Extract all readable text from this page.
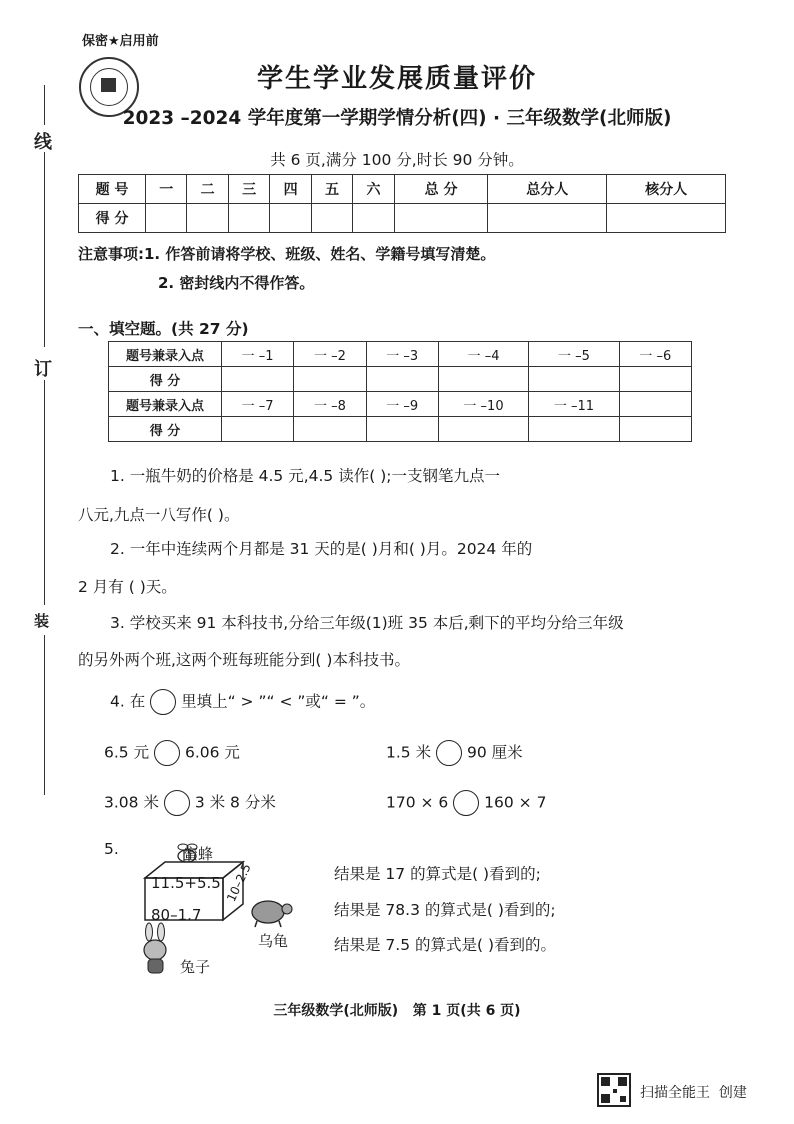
线
订
装
保密★启用前
学生学业发展质量评价
2023 –2024 学年度第一学期学情分析(四) · 三年级数学(北师版)
共 6 页,满分 100 分,时长 90 分钟。
题 号	一	二	三	四	五	六	总 分	总分人	核分人
得 分									
注意事项:1. 作答前请将学校、班级、姓名、学籍号填写清楚。
2. 密封线内不得作答。
一、填空题。(共 27 分)
题号兼录入点	一 –1	一 –2	一 –3	一 –4	一 –5	一 –6
得 分						
题号兼录入点	一 –7	一 –8	一 –9	一 –10	一 –11	
得 分						
1. 一瓶牛奶的价格是 4.5 元,4.5 读作( );一支钢笔九点一
八元,九点一八写作( )。
2. 一年中连续两个月都是 31 天的是( )月和( )月。2024 年的
2 月有 ( )天。
3. 学校买来 91 本科技书,分给三年级(1)班 35 本后,剩下的平均分给三年级
的另外两个班,这两个班每班能分到( )本科技书。
4. 在 里填上“ > ”“ < ”或“ = ”。
6.5 元 6.06 元	1.5 米 90 厘米
3.08 米 3 米 8 分米	170 × 6 160 × 7
5.	蜜蜂
11.5+5.5
80–1.7
10–2.5
乌龟
兔子
结果是 17 的算式是( )看到的;
结果是 78.3 的算式是( )看到的;
结果是 7.5 的算式是( )看到的。
三年级数学(北师版)   第 1 页(共 6 页)
扫描全能王  创建
